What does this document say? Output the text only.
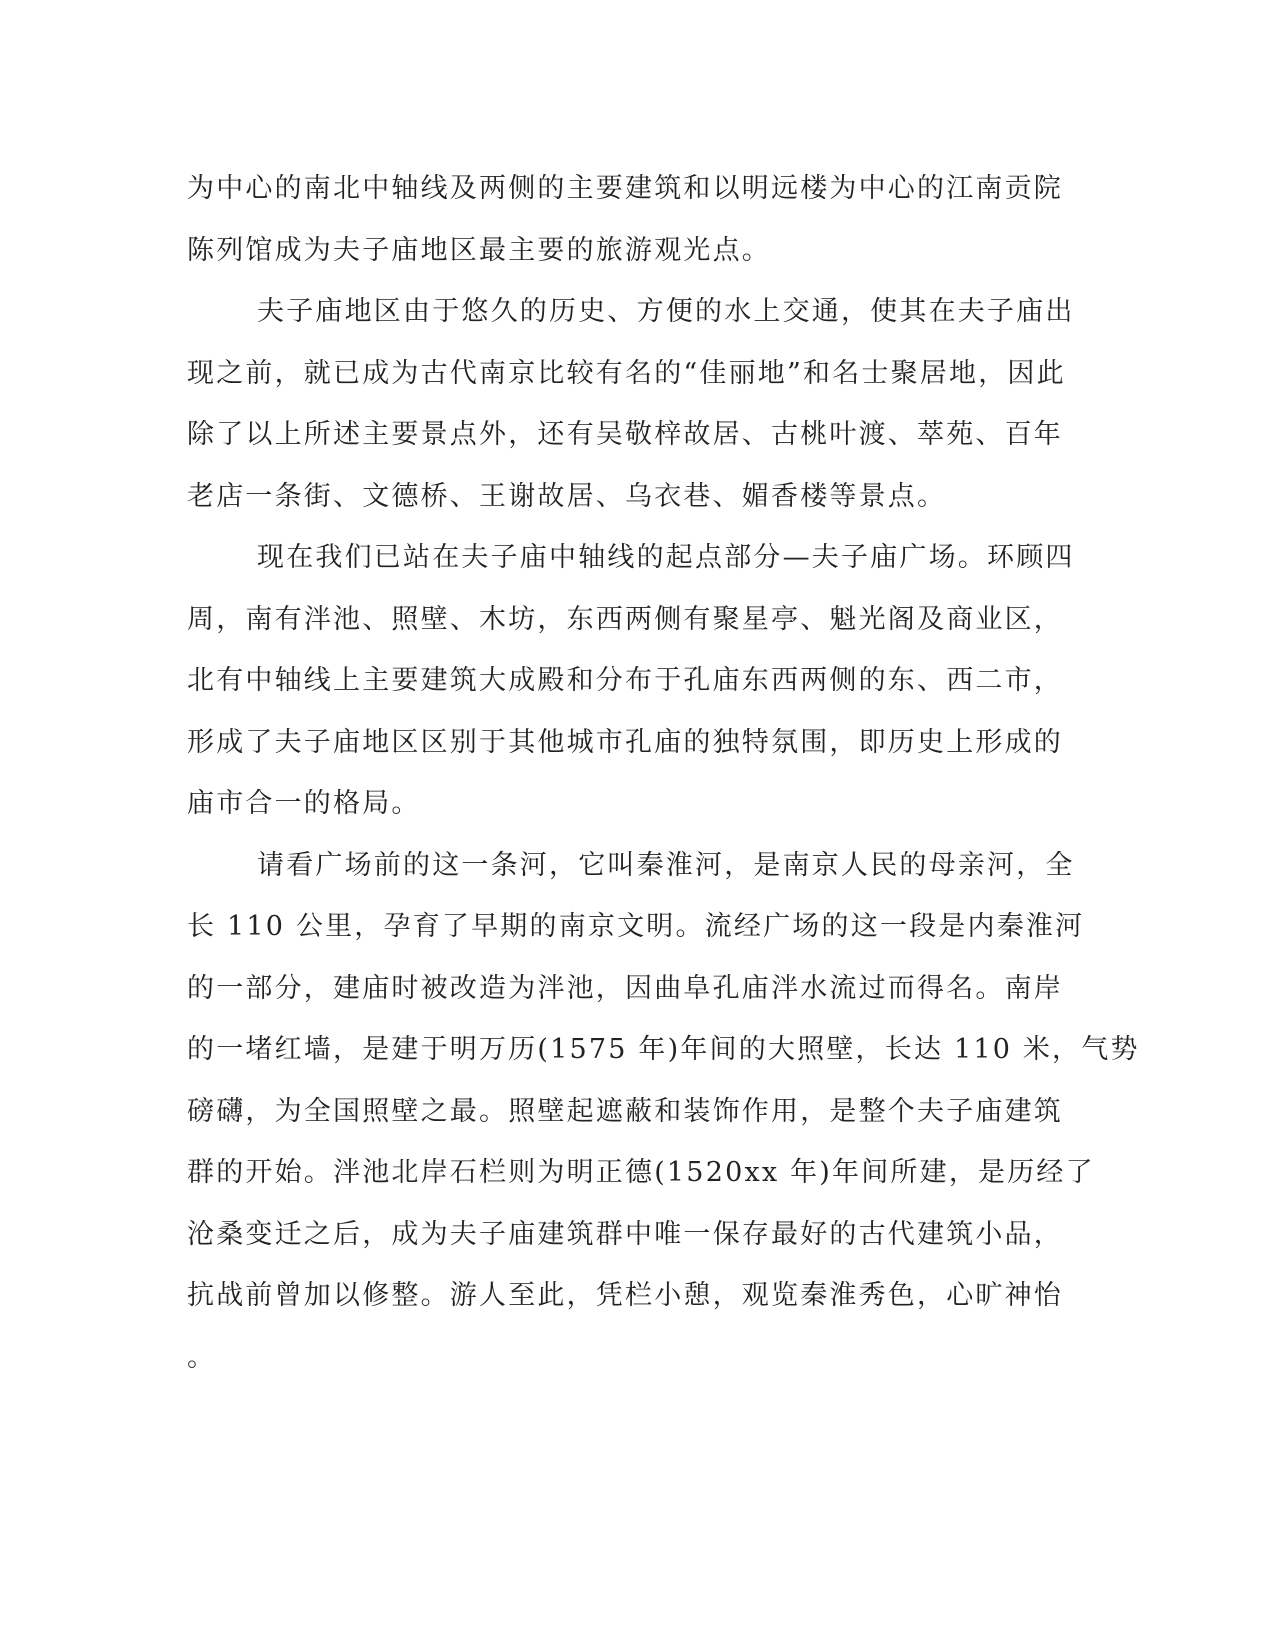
为中心的南北中轴线及两侧的主要建筑和以明远楼为中心的江南贡院
陈列馆成为夫子庙地区最主要的旅游观光点。
夫子庙地区由于悠久的历史、方便的水上交通，使其在夫子庙出
现之前，就已成为古代南京比较有名的“佳丽地”和名士聚居地，因此
除了以上所述主要景点外，还有吴敬梓故居、古桃叶渡、萃苑、百年
老店一条街、文德桥、王谢故居、乌衣巷、媚香楼等景点。
现在我们已站在夫子庙中轴线的起点部分—夫子庙广场。环顾四
周，南有泮池、照壁、木坊，东西两侧有聚星亭、魁光阁及商业区，
北有中轴线上主要建筑大成殿和分布于孔庙东西两侧的东、西二市，
形成了夫子庙地区区别于其他城市孔庙的独特氛围，即历史上形成的
庙市合一的格局。
请看广场前的这一条河，它叫秦淮河，是南京人民的母亲河，全
长 110 公里，孕育了早期的南京文明。流经广场的这一段是内秦淮河
的一部分，建庙时被改造为泮池，因曲阜孔庙泮水流过而得名。南岸
的一堵红墙，是建于明万历(1575 年)年间的大照壁，长达 110 米，气势
磅礴，为全国照壁之最。照壁起遮蔽和装饰作用，是整个夫子庙建筑
群的开始。泮池北岸石栏则为明正德(1520xx 年)年间所建，是历经了
沧桑变迁之后，成为夫子庙建筑群中唯一保存最好的古代建筑小品，
抗战前曾加以修整。游人至此，凭栏小憩，观览秦淮秀色，心旷神怡
。
